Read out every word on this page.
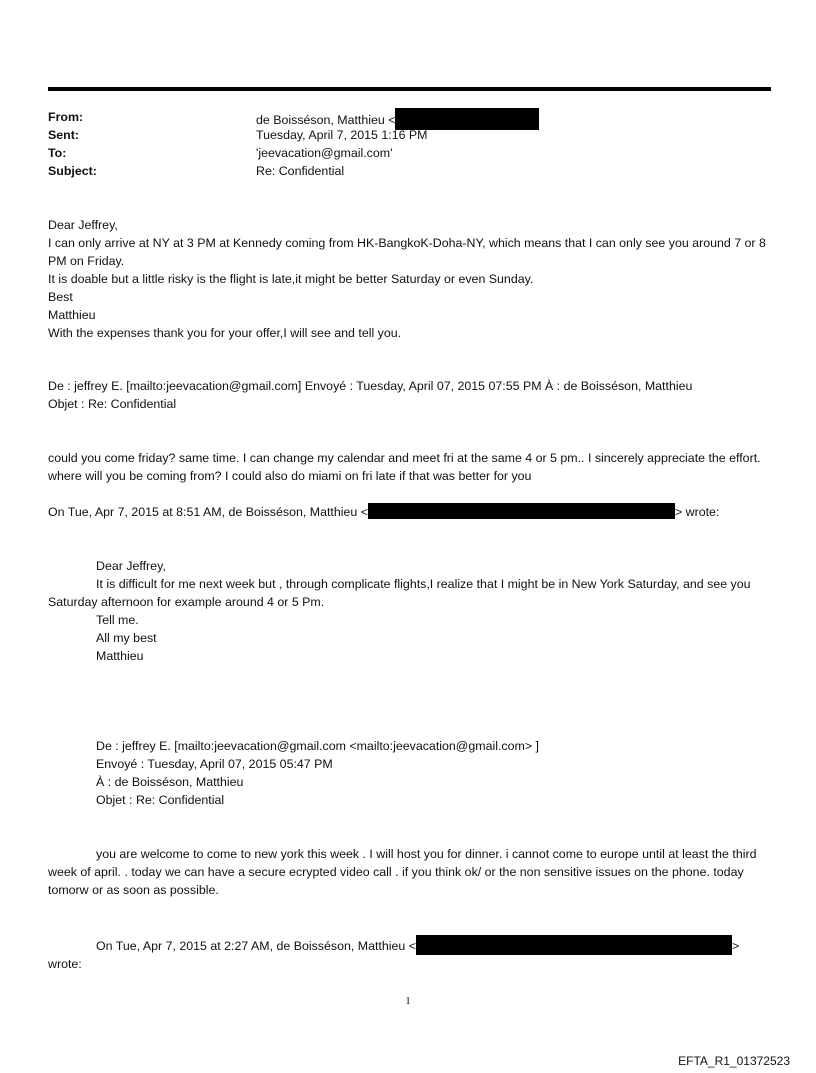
From:	de Boisséson, Matthieu <
Sent:	Tuesday, April 7, 2015 1:16 PM
To:	'jeevacation@gmail.com'
Subject:	Re: Confidential

Dear Jeffrey,

I can only arrive at NY at 3 PM at Kennedy coming from HK-BangkoK-Doha-NY, which means that I can only see you around 7 or 8 PM on Friday.

It is doable but a little risky is the flight is late,it might be better Saturday or even Sunday.

Best

Matthieu

With the expenses thank you for your offer,I will see and tell you.

De : jeffrey E. [mailto:jeevacation@gmail.com] Envoyé : Tuesday, April 07, 2015 07:55 PM À : de Boisséson, Matthieu

Objet : Re: Confidential

could you come friday? same time. I can change my calendar and meet fri at the same 4 or 5 pm.. I sincerely appreciate the effort. where will you be coming from? I could also do miami on fri late if that was better for you

On Tue, Apr 7, 2015 at 8:51 AM, de Boisséson, Matthieu <	> wrote:

Dear Jeffrey,

It is difficult for me next week but , through complicate flights,I realize that I might be in New York Saturday, and see you Saturday afternoon for example around 4 or 5 Pm.

Tell me.

All my best

Matthieu

De : jeffrey E. [mailto:jeevacation@gmail.com <mailto:jeevacation@gmail.com> ]

Envoyé : Tuesday, April 07, 2015 05:47 PM

À : de Boisséson, Matthieu

Objet : Re: Confidential

you are welcome to come to new york this week . I will host you for dinner. i cannot come to europe until at least the third week of april. . today we can have a secure ecrypted video call . if you think ok/ or the non sensitive issues on the phone. today tomorw or as soon as possible.

On Tue, Apr 7, 2015 at 2:27 AM, de Boisséson, Matthieu <	>

wrote:

1
EFTA_R1_01372523
